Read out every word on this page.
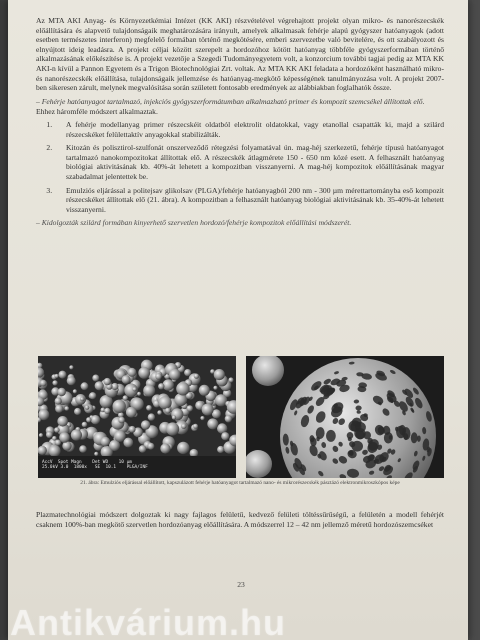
Az MTA AKI Anyag- és Környezetkémiai Intézet (KK AKI) részvételével végrehajtott projekt olyan mikro- és nanorészecskék előállítására és alapvető tulajdonságaik meghatározására irányult, amelyek alkalmasak fehérje alapú gyógyszer hatóanyagok (adott esetben természetes interferon) megfelelő formában történő megkötésére, emberi szervezetbe való bevitelére, és ott szabályozott és elnyújtott ideig leadásra. A projekt céljai között szerepelt a hordozóhoz kötött hatóanyag többféle gyógyszerformában történő alkalmazásának előkészítése is. A projekt vezetője a Szegedi Tudományegyetem volt, a konzorcium további tagjai pedig az MTA KK AKI-n kívül a Pannon Egyetem és a Trigon Biotechnológiai Zrt. voltak. Az MTA KK AKI feladata a hordozóként használható mikro- és nanorészecskék előállítása, tulajdonságaik jellemzése és hatóanyag-megkötő képességének tanulmányozása volt. A projekt 2007-ben sikeresen zárult, melynek megvalósítása során született fontosabb eredmények az alábbiakban foglalhatók össze.

– Fehérje hatóanyagot tartalmazó, injekciós gyógyszerformátumban alkalmazható primer és kompozit szemcsékel állítottak elő.
Ehhez háromféle módszert alkalmaztak.
1. A fehérje modellanyag primer részecskéit oldatból elektrolit oldatokkal, vagy etanollal csapatták ki, majd a szilárd részecskéket felülettaktív anyagokkal stabilizálták.
2. Kitozán és polisztirol-szulfonát onszerveződő rétegzési folyamatával ún. mag-héj szerkezetű, fehérje típusú hatóanyagot tartalmazó nanokompozitokat állítottak elő. A részecskék átlagmérete 150 - 650 nm közé esett. A felhasznált hatóanyag biológiai aktivitásának kb. 40%-át lehetett a kompozitban visszanyerni. A mag-héj kompozitok előállításának magyar szabadalmat jelentettek be.
3. Emulziós eljárással a politejsav glikolsav (PLGA)/fehérje hatóanyagból 200 nm - 300 µm mérettartományba eső kompozit részecskéket állítottak elő (21. ábra). A kompozitban a felhasznált hatóanyag biológiai aktivitásának kb. 35-40%-át lehetett visszanyerni.
– Kidolgozták szilárd formában kinyerhető szervetlen hordozó/fehérje kompozitok előállítási módszerét.
AccV  Spot Magn    Det WD    10 µm
25.0kV 3.0  1800x   SE  10.1    PLGA/INF
21. ábra: Emulziós eljárással előállított, kapszulázott fehérje hatóanyagot tartalmazó nano- és mikrorészecskék pásztázó elektronmikroszkópos képe
Plazmatechnológiai módszert dolgoztak ki nagy fajlagos felületű, kedvező felületi töltéssűrűségű, a felületén a modell fehérjét csaknem 100%-ban megkötő szervetlen hordozóanyag előállítására. A módszerrel 12 – 42 nm jellemző méretű hordozószemcséket
23
Antikvárium.hu
